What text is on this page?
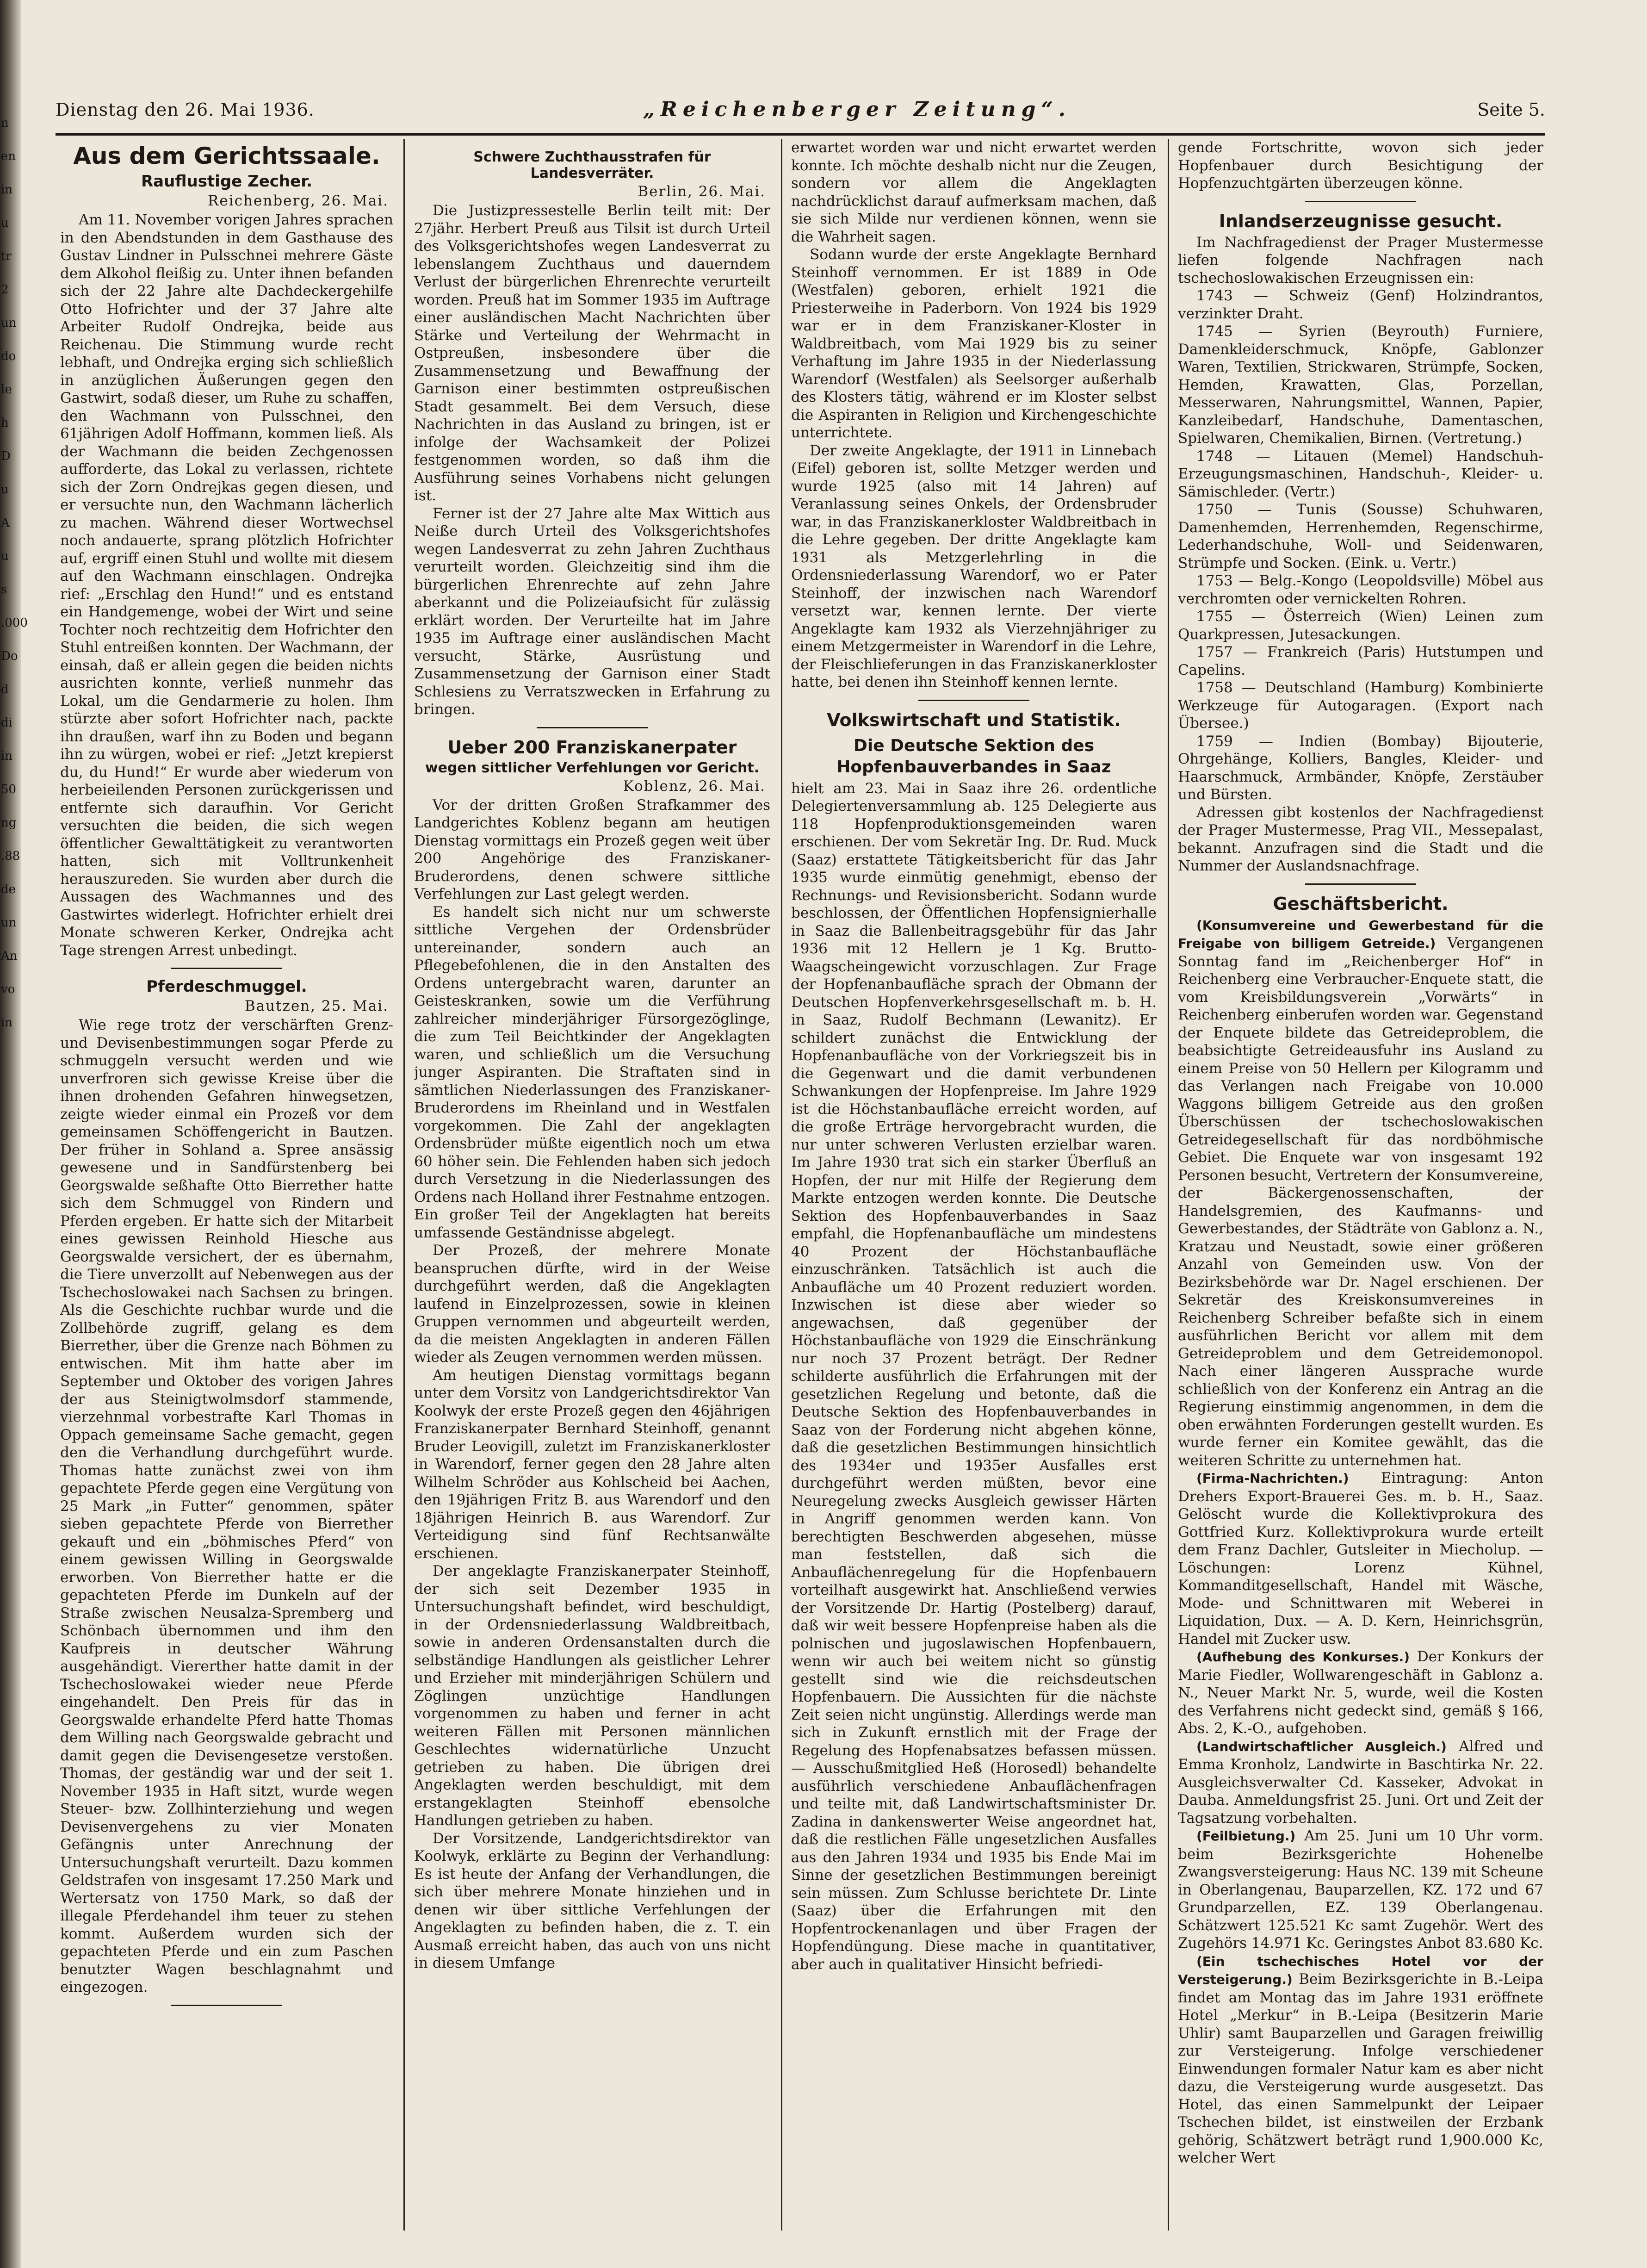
n
en
in
u
tr
2
un
do
le
h
D
u
A
u
s
.000
Do
d
di
in
50
ng
.88
de
un
An
vo
in
Dienstag den 26. Mai 1936.	„Reichenberger Zeitung“.	Seite 5.
Aus dem Gerichtssaale.
Rauflustige Zecher.
Reichenberg, 26. Mai.

Am 11. November vorigen Jahres sprachen in den Abendstunden in dem Gasthause des Gustav Lindner in Pulsschnei mehrere Gäste dem Alkohol fleißig zu. Unter ihnen befanden sich der 22 Jahre alte Dachdeckergehilfe Otto Hofrichter und der 37 Jahre alte Arbeiter Rudolf Ondrejka, beide aus Reichenau. Die Stimmung wurde recht lebhaft, und Ondrejka erging sich schließlich in anzüglichen Äußerungen gegen den Gastwirt, sodaß dieser, um Ruhe zu schaffen, den Wachmann von Pulsschnei, den 61jährigen Adolf Hoffmann, kommen ließ. Als der Wachmann die beiden Zechgenossen aufforderte, das Lokal zu verlassen, richtete sich der Zorn Ondrejkas gegen diesen, und er versuchte nun, den Wachmann lächerlich zu machen. Während dieser Wortwechsel noch andauerte, sprang plötzlich Hofrichter auf, ergriff einen Stuhl und wollte mit diesem auf den Wachmann einschlagen. Ondrejka rief: „Erschlag den Hund!“ und es entstand ein Handgemenge, wobei der Wirt und seine Tochter noch rechtzeitig dem Hofrichter den Stuhl entreißen konnten. Der Wachmann, der einsah, daß er allein gegen die beiden nichts ausrichten konnte, verließ nunmehr das Lokal, um die Gendarmerie zu holen. Ihm stürzte aber sofort Hofrichter nach, packte ihn draußen, warf ihn zu Boden und begann ihn zu würgen, wobei er rief: „Jetzt krepierst du, du Hund!“ Er wurde aber wiederum von herbeieilenden Personen zurückgerissen und entfernte sich daraufhin. Vor Gericht versuchten die beiden, die sich wegen öffentlicher Gewalttätigkeit zu verantworten hatten, sich mit Volltrunkenheit herauszureden. Sie wurden aber durch die Aussagen des Wachmannes und des Gastwirtes widerlegt. Hofrichter erhielt drei Monate schweren Kerker, Ondrejka acht Tage strengen Arrest unbedingt.

Pferdeschmuggel.
Bautzen, 25. Mai.

Wie rege trotz der verschärften Grenz- und Devisenbestimmungen sogar Pferde zu schmuggeln versucht werden und wie unverfroren sich gewisse Kreise über die ihnen drohenden Gefahren hinwegsetzen, zeigte wieder einmal ein Prozeß vor dem gemeinsamen Schöffengericht in Bautzen. Der früher in Sohland a. Spree ansässig gewesene und in Sandfürstenberg bei Georgswalde seßhafte Otto Bierrether hatte sich dem Schmuggel von Rindern und Pferden ergeben. Er hatte sich der Mitarbeit eines gewissen Reinhold Hiesche aus Georgswalde versichert, der es übernahm, die Tiere unverzollt auf Nebenwegen aus der Tschechoslowakei nach Sachsen zu bringen. Als die Geschichte ruchbar wurde und die Zollbehörde zugriff, gelang es dem Bierrether, über die Grenze nach Böhmen zu entwischen. Mit ihm hatte aber im September und Oktober des vorigen Jahres der aus Steinigtwolmsdorf stammende, vierzehnmal vorbestrafte Karl Thomas in Oppach gemeinsame Sache gemacht, gegen den die Verhandlung durchgeführt wurde. Thomas hatte zunächst zwei von ihm gepachtete Pferde gegen eine Vergütung von 25 Mark „in Futter“ genommen, später sieben gepachtete Pferde von Bierrether gekauft und ein „böhmisches Pferd“ von einem gewissen Willing in Georgswalde erworben. Von Bierrether hatte er die gepachteten Pferde im Dunkeln auf der Straße zwischen Neusalza-Spremberg und Schönbach übernommen und ihm den Kaufpreis in deutscher Währung ausgehändigt. Viererther hatte damit in der Tschechoslowakei wieder neue Pferde eingehandelt. Den Preis für das in Georgswalde erhandelte Pferd hatte Thomas dem Willing nach Georgswalde gebracht und damit gegen die Devisengesetze verstoßen. Thomas, der geständig war und der seit 1. November 1935 in Haft sitzt, wurde wegen Steuer- bzw. Zollhinterziehung und wegen Devisenvergehens zu vier Monaten Gefängnis unter Anrechnung der Untersuchungshaft verurteilt. Dazu kommen Geldstrafen von insgesamt 17.250 Mark und Wertersatz von 1750 Mark, so daß der illegale Pferdehandel ihm teuer zu stehen kommt. Außerdem wurden sich der gepachteten Pferde und ein zum Paschen benutzter Wagen beschlagnahmt und eingezogen.

Schwere Zuchthausstrafen für Landesverräter.
Berlin, 26. Mai.

Die Justizpressestelle Berlin teilt mit: Der 27jähr. Herbert Preuß aus Tilsit ist durch Urteil des Volksgerichtshofes wegen Landesverrat zu lebenslangem Zuchthaus und dauerndem Verlust der bürgerlichen Ehrenrechte verurteilt worden. Preuß hat im Sommer 1935 im Auftrage einer ausländischen Macht Nachrichten über Stärke und Verteilung der Wehrmacht in Ostpreußen, insbesondere über die Zusammensetzung und Bewaffnung der Garnison einer bestimmten ostpreußischen Stadt gesammelt. Bei dem Versuch, diese Nachrichten in das Ausland zu bringen, ist er infolge der Wachsamkeit der Polizei festgenommen worden, so daß ihm die Ausführung seines Vorhabens nicht gelungen ist.

Ferner ist der 27 Jahre alte Max Wittich aus Neiße durch Urteil des Volksgerichtshofes wegen Landesverrat zu zehn Jahren Zuchthaus verurteilt worden. Gleichzeitig sind ihm die bürgerlichen Ehrenrechte auf zehn Jahre aberkannt und die Polizeiaufsicht für zulässig erklärt worden. Der Verurteilte hat im Jahre 1935 im Auftrage einer ausländischen Macht versucht, Stärke, Ausrüstung und Zusammensetzung der Garnison einer Stadt Schlesiens zu Verratszwecken in Erfahrung zu bringen.

Ueber 200 Franziskanerpater
wegen sittlicher Verfehlungen vor Gericht.
Koblenz, 26. Mai.

Vor der dritten Großen Strafkammer des Landgerichtes Koblenz begann am heutigen Dienstag vormittags ein Prozeß gegen weit über 200 Angehörige des Franziskaner-Bruderordens, denen schwere sittliche Verfehlungen zur Last gelegt werden.

Es handelt sich nicht nur um schwerste sittliche Vergehen der Ordensbrüder untereinander, sondern auch an Pflegebefohlenen, die in den Anstalten des Ordens untergebracht waren, darunter an Geisteskranken, sowie um die Verführung zahlreicher minderjähriger Fürsorgezöglinge, die zum Teil Beichtkinder der Angeklagten waren, und schließlich um die Versuchung junger Aspiranten. Die Straftaten sind in sämtlichen Niederlassungen des Franziskaner-Bruderordens im Rheinland und in Westfalen vorgekommen. Die Zahl der angeklagten Ordensbrüder müßte eigentlich noch um etwa 60 höher sein. Die Fehlenden haben sich jedoch durch Versetzung in die Niederlassungen des Ordens nach Holland ihrer Festnahme entzogen. Ein großer Teil der Angeklagten hat bereits umfassende Geständnisse abgelegt.

Der Prozeß, der mehrere Monate beanspruchen dürfte, wird in der Weise durchgeführt werden, daß die Angeklagten laufend in Einzelprozessen, sowie in kleinen Gruppen vernommen und abgeurteilt werden, da die meisten Angeklagten in anderen Fällen wieder als Zeugen vernommen werden müssen.

Am heutigen Dienstag vormittags begann unter dem Vorsitz von Landgerichtsdirektor Van Koolwyk der erste Prozeß gegen den 46jährigen Franziskanerpater Bernhard Steinhoff, genannt Bruder Leovigill, zuletzt im Franziskanerkloster in Warendorf, ferner gegen den 28 Jahre alten Wilhelm Schröder aus Kohlscheid bei Aachen, den 19jährigen Fritz B. aus Warendorf und den 18jährigen Heinrich B. aus Warendorf. Zur Verteidigung sind fünf Rechtsanwälte erschienen.

Der angeklagte Franziskanerpater Steinhoff, der sich seit Dezember 1935 in Untersuchungshaft befindet, wird beschuldigt, in der Ordensniederlassung Waldbreitbach, sowie in anderen Ordensanstalten durch die selbständige Handlungen als geistlicher Lehrer und Erzieher mit minderjährigen Schülern und Zöglingen unzüchtige Handlungen vorgenommen zu haben und ferner in acht weiteren Fällen mit Personen männlichen Geschlechtes widernatürliche Unzucht getrieben zu haben. Die übrigen drei Angeklagten werden beschuldigt, mit dem erstangeklagten Steinhoff ebensolche Handlungen getrieben zu haben.

Der Vorsitzende, Landgerichtsdirektor van Koolwyk, erklärte zu Beginn der Verhandlung: Es ist heute der Anfang der Verhandlungen, die sich über mehrere Monate hinziehen und in denen wir über sittliche Verfehlungen der Angeklagten zu befinden haben, die z. T. ein Ausmaß erreicht haben, das auch von uns nicht in diesem Umfange

erwartet worden war und nicht erwartet werden konnte. Ich möchte deshalb nicht nur die Zeugen, sondern vor allem die Angeklagten nachdrücklichst darauf aufmerksam machen, daß sie sich Milde nur verdienen können, wenn sie die Wahrheit sagen.

Sodann wurde der erste Angeklagte Bernhard Steinhoff vernommen. Er ist 1889 in Ode (Westfalen) geboren, erhielt 1921 die Priesterweihe in Paderborn. Von 1924 bis 1929 war er in dem Franziskaner-Kloster in Waldbreitbach, vom Mai 1929 bis zu seiner Verhaftung im Jahre 1935 in der Niederlassung Warendorf (Westfalen) als Seelsorger außerhalb des Klosters tätig, während er im Kloster selbst die Aspiranten in Religion und Kirchengeschichte unterrichtete.

Der zweite Angeklagte, der 1911 in Linnebach (Eifel) geboren ist, sollte Metzger werden und wurde 1925 (also mit 14 Jahren) auf Veranlassung seines Onkels, der Ordensbruder war, in das Franziskanerkloster Waldbreitbach in die Lehre gegeben. Der dritte Angeklagte kam 1931 als Metzgerlehrling in die Ordensniederlassung Warendorf, wo er Pater Steinhoff, der inzwischen nach Warendorf versetzt war, kennen lernte. Der vierte Angeklagte kam 1932 als Vierzehnjähriger zu einem Metzgermeister in Warendorf in die Lehre, der Fleischlieferungen in das Franziskanerkloster hatte, bei denen ihn Steinhoff kennen lernte.

Volkswirtschaft und Statistik.
Die Deutsche Sektion des Hopfenbauverbandes in Saaz

hielt am 23. Mai in Saaz ihre 26. ordentliche Delegiertenversammlung ab. 125 Delegierte aus 118 Hopfenproduktionsgemeinden waren erschienen. Der vom Sekretär Ing. Dr. Rud. Muck (Saaz) erstattete Tätigkeitsbericht für das Jahr 1935 wurde einmütig genehmigt, ebenso der Rechnungs- und Revisionsbericht. Sodann wurde beschlossen, der Öffentlichen Hopfensignierhalle in Saaz die Ballenbeitragsgebühr für das Jahr 1936 mit 12 Hellern je 1 Kg. Brutto-Waagscheingewicht vorzuschlagen. Zur Frage der Hopfenanbaufläche sprach der Obmann der Deutschen Hopfenverkehrsgesellschaft m. b. H. in Saaz, Rudolf Bechmann (Lewanitz). Er schildert zunächst die Entwicklung der Hopfenanbaufläche von der Vorkriegszeit bis in die Gegenwart und die damit verbundenen Schwankungen der Hopfenpreise. Im Jahre 1929 ist die Höchstanbaufläche erreicht worden, auf die große Erträge hervorgebracht wurden, die nur unter schweren Verlusten erzielbar waren. Im Jahre 1930 trat sich ein starker Überfluß an Hopfen, der nur mit Hilfe der Regierung dem Markte entzogen werden konnte. Die Deutsche Sektion des Hopfenbauverbandes in Saaz empfahl, die Hopfenanbaufläche um mindestens 40 Prozent der Höchstanbaufläche einzuschränken. Tatsächlich ist auch die Anbaufläche um 40 Prozent reduziert worden. Inzwischen ist diese aber wieder so angewachsen, daß gegenüber der Höchstanbaufläche von 1929 die Einschränkung nur noch 37 Prozent beträgt. Der Redner schilderte ausführlich die Erfahrungen mit der gesetzlichen Regelung und betonte, daß die Deutsche Sektion des Hopfenbauverbandes in Saaz von der Forderung nicht abgehen könne, daß die gesetzlichen Bestimmungen hinsichtlich des 1934er und 1935er Ausfalles erst durchgeführt werden müßten, bevor eine Neuregelung zwecks Ausgleich gewisser Härten in Angriff genommen werden kann. Von berechtigten Beschwerden abgesehen, müsse man feststellen, daß sich die Anbauflächenregelung für die Hopfenbauern vorteilhaft ausgewirkt hat. Anschließend verwies der Vorsitzende Dr. Hartig (Postelberg) darauf, daß wir weit bessere Hopfenpreise haben als die polnischen und jugoslawischen Hopfenbauern, wenn wir auch bei weitem nicht so günstig gestellt sind wie die reichsdeutschen Hopfenbauern. Die Aussichten für die nächste Zeit seien nicht ungünstig. Allerdings werde man sich in Zukunft ernstlich mit der Frage der Regelung des Hopfenabsatzes befassen müssen. — Ausschußmitglied Heß (Horosedl) behandelte ausführlich verschiedene Anbauflächenfragen und teilte mit, daß Landwirtschaftsminister Dr. Zadina in dankenswerter Weise angeordnet hat, daß die restlichen Fälle ungesetzlichen Ausfalles aus den Jahren 1934 und 1935 bis Ende Mai im Sinne der gesetzlichen Bestimmungen bereinigt sein müssen. Zum Schlusse berichtete Dr. Linte (Saaz) über die Erfahrungen mit den Hopfentrockenanlagen und über Fragen der Hopfendüngung. Diese mache in quantitativer, aber auch in qualitativer Hinsicht befriedi-

gende Fortschritte, wovon sich jeder Hopfenbauer durch Besichtigung der Hopfenzuchtgärten überzeugen könne.

Inlandserzeugnisse gesucht.

Im Nachfragedienst der Prager Mustermesse liefen folgende Nachfragen nach tschechoslowakischen Erzeugnissen ein:

1743 — Schweiz (Genf) Holzindrantos, verzinkter Draht.

1745 — Syrien (Beyrouth) Furniere, Damenkleiderschmuck, Knöpfe, Gablonzer Waren, Textilien, Strickwaren, Strümpfe, Socken, Hemden, Krawatten, Glas, Porzellan, Messerwaren, Nahrungsmittel, Wannen, Papier, Kanzleibedarf, Handschuhe, Damentaschen, Spielwaren, Chemikalien, Birnen. (Vertretung.)

1748 — Litauen (Memel) Handschuh-Erzeugungsmaschinen, Handschuh-, Kleider- u. Sämischleder. (Vertr.)

1750 — Tunis (Sousse) Schuhwaren, Damenhemden, Herrenhemden, Regenschirme, Lederhandschuhe, Woll- und Seidenwaren, Strümpfe und Socken. (Eink. u. Vertr.)

1753 — Belg.-Kongo (Leopoldsville) Möbel aus verchromten oder vernickelten Rohren.

1755 — Österreich (Wien) Leinen zum Quarkpressen, Jutesackungen.

1757 — Frankreich (Paris) Hutstumpen und Capelins.

1758 — Deutschland (Hamburg) Kombinierte Werkzeuge für Autogaragen. (Export nach Übersee.)

1759 — Indien (Bombay) Bijouterie, Ohrgehänge, Kolliers, Bangles, Kleider- und Haarschmuck, Armbänder, Knöpfe, Zerstäuber und Bürsten.

Adressen gibt kostenlos der Nachfragedienst der Prager Mustermesse, Prag VII., Messepalast, bekannt. Anzufragen sind die Stadt und die Nummer der Auslandsnachfrage.

Geschäftsbericht.

(Konsumvereine und Gewerbestand für die Freigabe von billigem Getreide.) Vergangenen Sonntag fand im „Reichenberger Hof“ in Reichenberg eine Verbraucher-Enquete statt, die vom Kreisbildungsverein „Vorwärts“ in Reichenberg einberufen worden war. Gegenstand der Enquete bildete das Getreideproblem, die beabsichtigte Getreideausfuhr ins Ausland zu einem Preise von 50 Hellern per Kilogramm und das Verlangen nach Freigabe von 10.000 Waggons billigem Getreide aus den großen Überschüssen der tschechoslowakischen Getreidegesellschaft für das nordböhmische Gebiet. Die Enquete war von insgesamt 192 Personen besucht, Vertretern der Konsumvereine, der Bäckergenossenschaften, der Handelsgremien, des Kaufmanns- und Gewerbestandes, der Städträte von Gablonz a. N., Kratzau und Neustadt, sowie einer größeren Anzahl von Gemeinden usw. Von der Bezirksbehörde war Dr. Nagel erschienen. Der Sekretär des Kreiskonsumvereines in Reichenberg Schreiber befaßte sich in einem ausführlichen Bericht vor allem mit dem Getreideproblem und dem Getreidemonopol. Nach einer längeren Aussprache wurde schließlich von der Konferenz ein Antrag an die Regierung einstimmig angenommen, in dem die oben erwähnten Forderungen gestellt wurden. Es wurde ferner ein Komitee gewählt, das die weiteren Schritte zu unternehmen hat.

(Firma-Nachrichten.) Eintragung: Anton Drehers Export-Brauerei Ges. m. b. H., Saaz. Gelöscht wurde die Kollektivprokura des Gottfried Kurz. Kollektivprokura wurde erteilt dem Franz Dachler, Gutsleiter in Miecholup. — Löschungen: Lorenz Kühnel, Kommanditgesellschaft, Handel mit Wäsche, Mode- und Schnittwaren mit Weberei in Liquidation, Dux. — A. D. Kern, Heinrichsgrün, Handel mit Zucker usw.

(Aufhebung des Konkurses.) Der Konkurs der Marie Fiedler, Wollwarengeschäft in Gablonz a. N., Neuer Markt Nr. 5, wurde, weil die Kosten des Verfahrens nicht gedeckt sind, gemäß § 166, Abs. 2, K.-O., aufgehoben.

(Landwirtschaftlicher Ausgleich.) Alfred und Emma Kronholz, Landwirte in Baschtirka Nr. 22. Ausgleichsverwalter Cd. Kasseker, Advokat in Dauba. Anmeldungsfrist 25. Juni. Ort und Zeit der Tagsatzung vorbehalten.

(Feilbietung.) Am 25. Juni um 10 Uhr vorm. beim Bezirksgerichte Hohenelbe Zwangsversteigerung: Haus NC. 139 mit Scheune in Oberlangenau, Bauparzellen, KZ. 172 und 67 Grundparzellen, EZ. 139 Oberlangenau. Schätzwert 125.521 Kc samt Zugehör. Wert des Zugehörs 14.971 Kc. Geringstes Anbot 83.680 Kc.

(Ein tschechisches Hotel vor der Versteigerung.) Beim Bezirksgerichte in B.-Leipa findet am Montag das im Jahre 1931 eröffnete Hotel „Merkur“ in B.-Leipa (Besitzerin Marie Uhlir) samt Bauparzellen und Garagen freiwillig zur Versteigerung. Infolge verschiedener Einwendungen formaler Natur kam es aber nicht dazu, die Versteigerung wurde ausgesetzt. Das Hotel, das einen Sammelpunkt der Leipaer Tschechen bildet, ist einstweilen der Erzbank gehörig, Schätzwert beträgt rund 1,900.000 Kc, welcher Wert
